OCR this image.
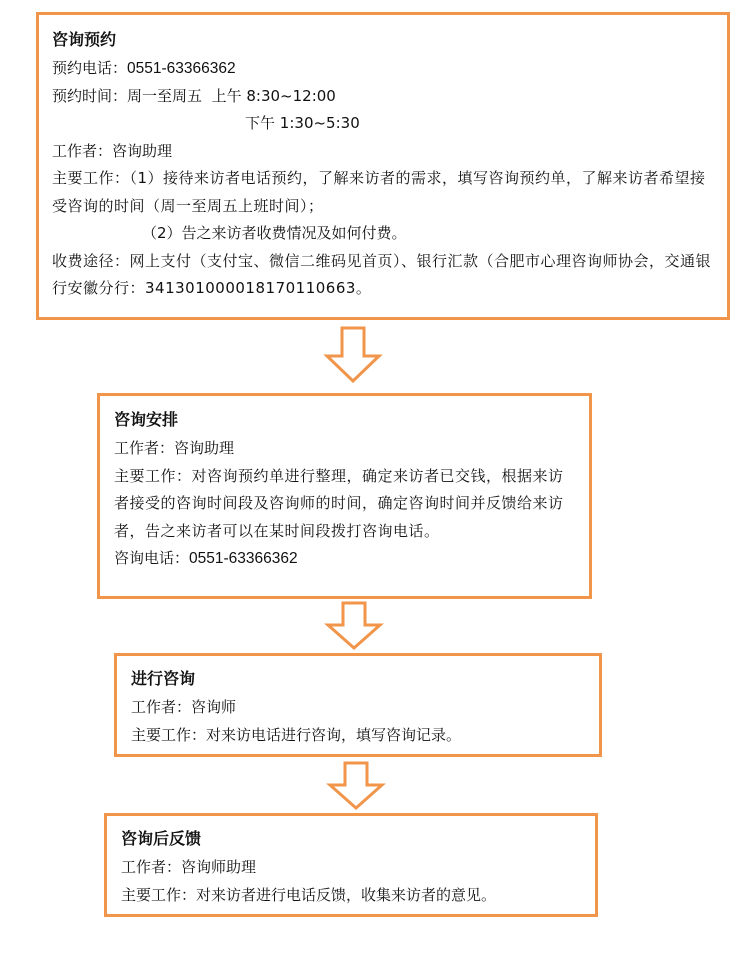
咨询预约
预约电话：0551-63366362
预约时间：周一至周五 上午 8:30~12:00
下午 1:30~5:30
工作者：咨询助理
主要工作：（1）接待来访者电话预约，了解来访者的需求，填写咨询预约单，了解来访者希望接受咨询的时间（周一至周五上班时间）；
（2）告之来访者收费情况及如何付费。
收费途径：网上支付（支付宝、微信二维码见首页）、银行汇款（合肥市心理咨询师协会，交通银行安徽分行：341301000018170110663。
咨询安排
工作者：咨询助理
主要工作：对咨询预约单进行整理，确定来访者已交钱，根据来访者接受的咨询时间段及咨询师的时间，确定咨询时间并反馈给来访者，告之来访者可以在某时间段拨打咨询电话。
咨询电话：0551-63366362
进行咨询
工作者：咨询师
主要工作：对来访电话进行咨询，填写咨询记录。
咨询后反馈
工作者：咨询师助理
主要工作：对来访者进行电话反馈，收集来访者的意见。
